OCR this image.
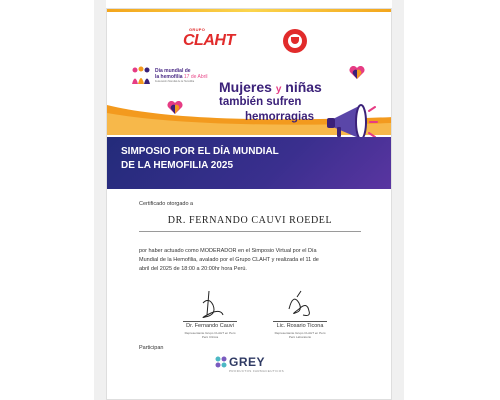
GRUPO
CLAHT
Día mundial de
la hemofilia 17 de Abril
Federación Mundial de la Hemofilia Mujeres y niñas
también sufren
hemorragias
SIMPOSIO POR EL DÍA MUNDIAL
DE LA HEMOFILIA 2025
Certificado otorgado a
DR. FERNANDO CAUVI ROEDEL
por haber actuado como MODERADOR en el Simposio Virtual por el Día
Mundial de la Hemofilia, avalado por el Grupo CLAHT y realizada el 11 de
abril del 2025 de 18:00 a 20:00hr hora Perú.
Dr. Fernando Cauvi
Representante Grupo CLAHT en Perú
Perú Clínica
Lic. Rosario Ticona
Representante Grupo CLAHT en Perú
Perú Laboratorio
Participan
GREY
PRODUCTOS FARMACEUTICOS
